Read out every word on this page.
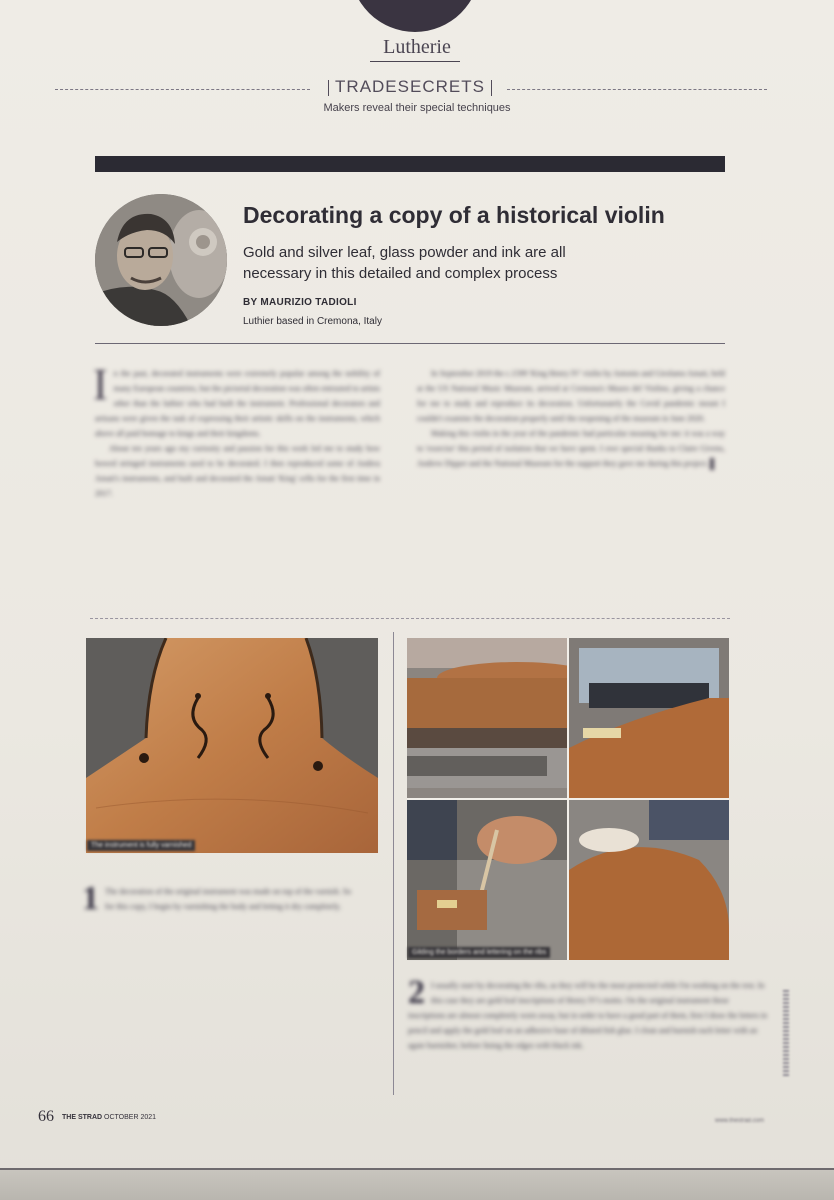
Lutherie
TRADESECRETS
Makers reveal their special techniques
Decorating a copy of a historical violin
Gold and silver leaf, glass powder and ink are all necessary in this detailed and complex process
BY MAURIZIO TADIOLI
Luthier based in Cremona, Italy
I n the past, decorated instruments were extremely popular among the nobility of many European countries, but the pictorial decoration was often entrusted to artists other than the luthier who had built the instrument. Professional decorators and artisans were given the task of expressing their artistic skills on the instruments, which above all paid homage to kings and their kingdoms.

About ten years ago my curiosity and passion for this work led me to study how bowed stringed instruments used to be decorated. I then reproduced some of Andrea Amati's instruments, and built and decorated the Amati 'King' cello for the first time in 2017.

In September 2019 the c.1599 'King Henry IV' violin by Antonio and Girolamo Amati, held at the US National Music Museum, arrived at Cremona's Museo del Violino, giving a chance for me to study and reproduce its decoration. Unfortunately the Covid pandemic meant I couldn't examine the decoration properly until the reopening of the museum in June 2020.

Making this violin in the year of the pandemic had particular meaning for me: it was a way to 'exorcise' this period of isolation that we have spent. I owe special thanks to Claire Givens, Andrew Dipper and the National Museum for the support they gave me during this project.

The instrument is fully varnished
Gilding the borders and lettering on the ribs
1 The decoration of the original instrument was made on top of the varnish. So for this copy, I begin by varnishing the body and letting it dry completely.
2 I usually start by decorating the ribs, as they will be the most protected while I'm working on the rest. In this case they are gold leaf inscriptions of Henry IV's motto. On the original instrument these inscriptions are almost completely worn away, but in order to have a good part of them, first I draw the letters in pencil and apply the gold leaf on an adhesive base of diluted fish glue. I clean and burnish each letter with an agate burnisher, before lining the edges with black ink.
66 THE STRAD OCTOBER 2021	www.thestrad.com
